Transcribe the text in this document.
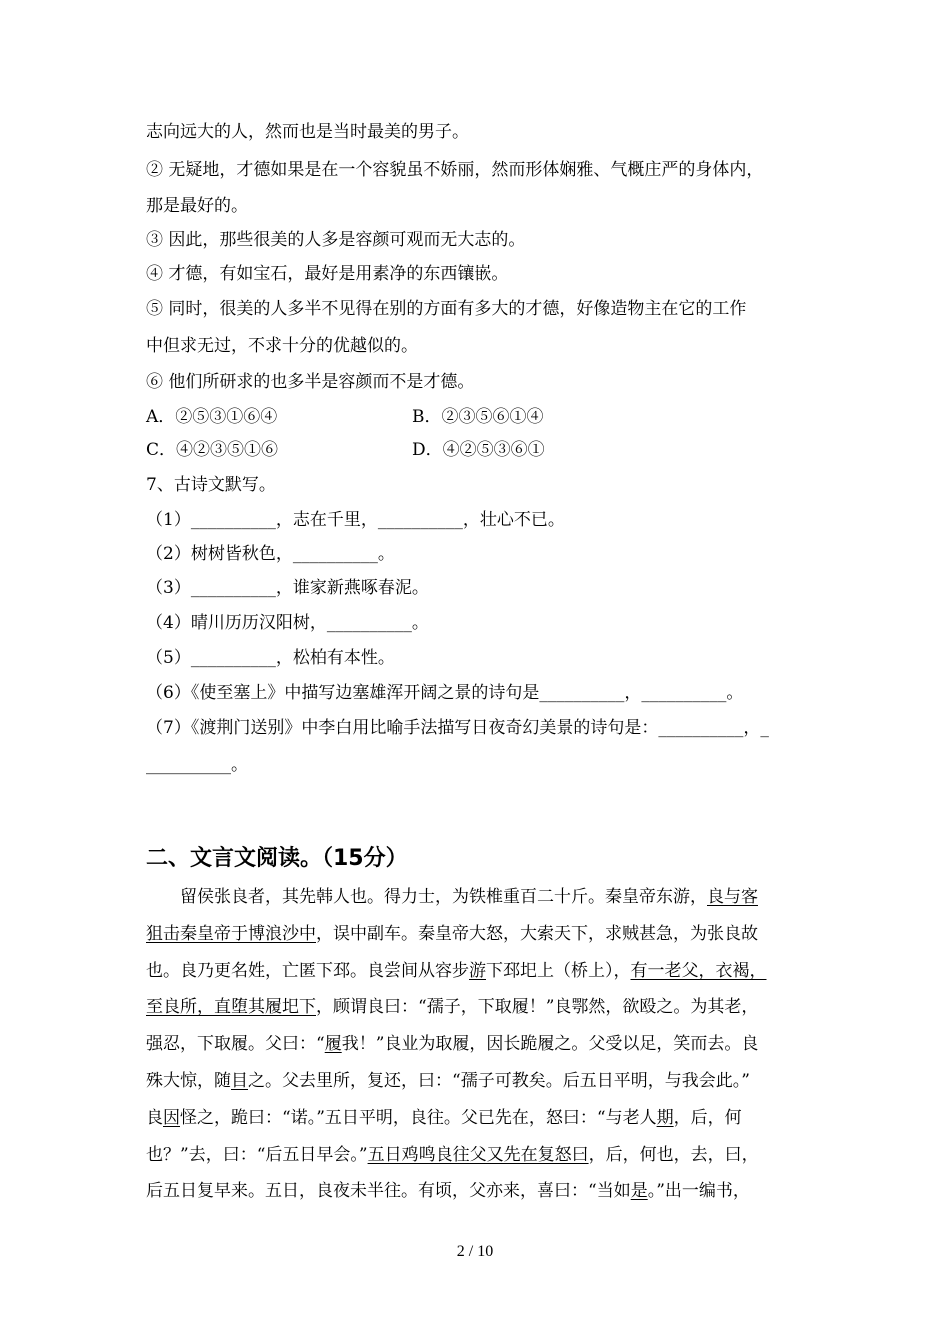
志向远大的人，然而也是当时最美的男子。
② 无疑地，才德如果是在一个容貌虽不娇丽，然而形体娴雅、气概庄严的身体内，
那是最好的。
③ 因此，那些很美的人多是容颜可观而无大志的。
④ 才德，有如宝石，最好是用素净的东西镶嵌。
⑤ 同时，很美的人多半不见得在别的方面有多大的才德，好像造物主在它的工作
中但求无过，不求十分的优越似的。
⑥ 他们所研求的也多半是容颜而不是才德。
A．②⑤③①⑥④	B．②③⑤⑥①④
C．④②③⑤①⑥	D．④②⑤③⑥①
7、古诗文默写。
（1）__________，志在千里，__________，壮心不已。
（2）树树皆秋色，__________。
（3）__________，谁家新燕啄春泥。
（4）晴川历历汉阳树，__________。
（5）__________，松柏有本性。
（6）《使至塞上》中描写边塞雄浑开阔之景的诗句是__________，__________。
（7）《渡荆门送别》中李白用比喻手法描写日夜奇幻美景的诗句是：__________，_
__________。
二、文言文阅读。（15分）
留侯张良者，其先韩人也。得力士，为铁椎重百二十斤。秦皇帝东游，良与客
狙击秦皇帝于博浪沙中，误中副车。秦皇帝大怒，大索天下，求贼甚急，为张良故
也。良乃更名姓，亡匿下邳。良尝间从容步游下邳圯上（桥上），有一老父，衣褐，
至良所，直堕其履圯下，顾谓良曰：“孺子，下取履！”良鄂然，欲殴之。为其老，
强忍，下取履。父曰：“履我！”良业为取履，因长跪履之。父受以足，笑而去。良
殊大惊，随目之。父去里所，复还，曰：“孺子可教矣。后五日平明，与我会此。”
良因怪之，跪曰：“诺。”五日平明，良往。父已先在，怒曰：“与老人期，后，何
也？”去，曰：“后五日早会。”五日鸡鸣良往父又先在复怒曰，后，何也，去，曰，
后五日复早来。五日，良夜未半往。有顷，父亦来，喜曰：“当如是。”出一编书，
2 / 10
